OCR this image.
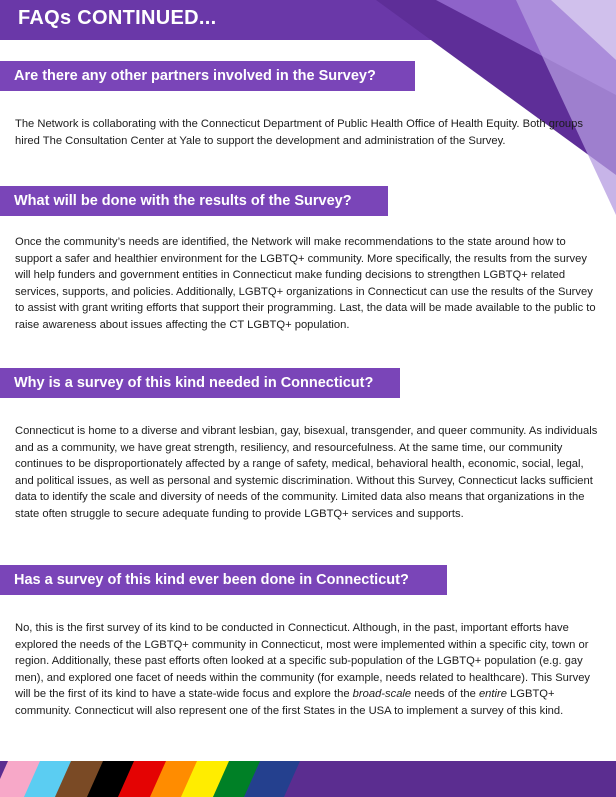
FAQs CONTINUED...
Are there any other partners involved in the Survey?

The Network is collaborating with the Connecticut Department of Public Health Office of Health Equity. Both groups hired The Consultation Center at Yale to support the development and administration of the Survey.

What will be done with the results of the Survey?

Once the community’s needs are identified, the Network will make recommendations to the state around how to support a safer and healthier environment for the LGBTQ+ community. More specifically, the results from the survey will help funders and government entities in Connecticut make funding decisions to strengthen LGBTQ+ related services, supports, and policies. Additionally, LGBTQ+ organizations in Connecticut can use the results of the Survey to assist with grant writing efforts that support their programming. Last, the data will be made available to the public to raise awareness about issues affecting the CT LGBTQ+ population.

Why is a survey of this kind needed in Connecticut?

Connecticut is home to a diverse and vibrant lesbian, gay, bisexual, transgender, and queer community. As individuals and as a community, we have great strength, resiliency, and resourcefulness. At the same time, our community continues to be disproportionately affected by a range of safety, medical, behavioral health, economic, social, legal, and political issues, as well as personal and systemic discrimination. Without this Survey, Connecticut lacks sufficient data to identify the scale and diversity of needs of the community. Limited data also means that organizations in the state often struggle to secure adequate funding to provide LGBTQ+ services and supports.

Has a survey of this kind ever been done in Connecticut?

No, this is the first survey of its kind to be conducted in Connecticut. Although, in the past, important efforts have explored the needs of the LGBTQ+ community in Connecticut, most were implemented within a specific city, town or region. Additionally, these past efforts often looked at a specific sub-population of the LGBTQ+ population (e.g. gay men), and explored one facet of needs within the community (for example, needs related to healthcare). This Survey will be the first of its kind to have a state-wide focus and explore the broad-scale needs of the entire LGBTQ+ community. Connecticut will also represent one of the first States in the USA to implement a survey of this kind.
